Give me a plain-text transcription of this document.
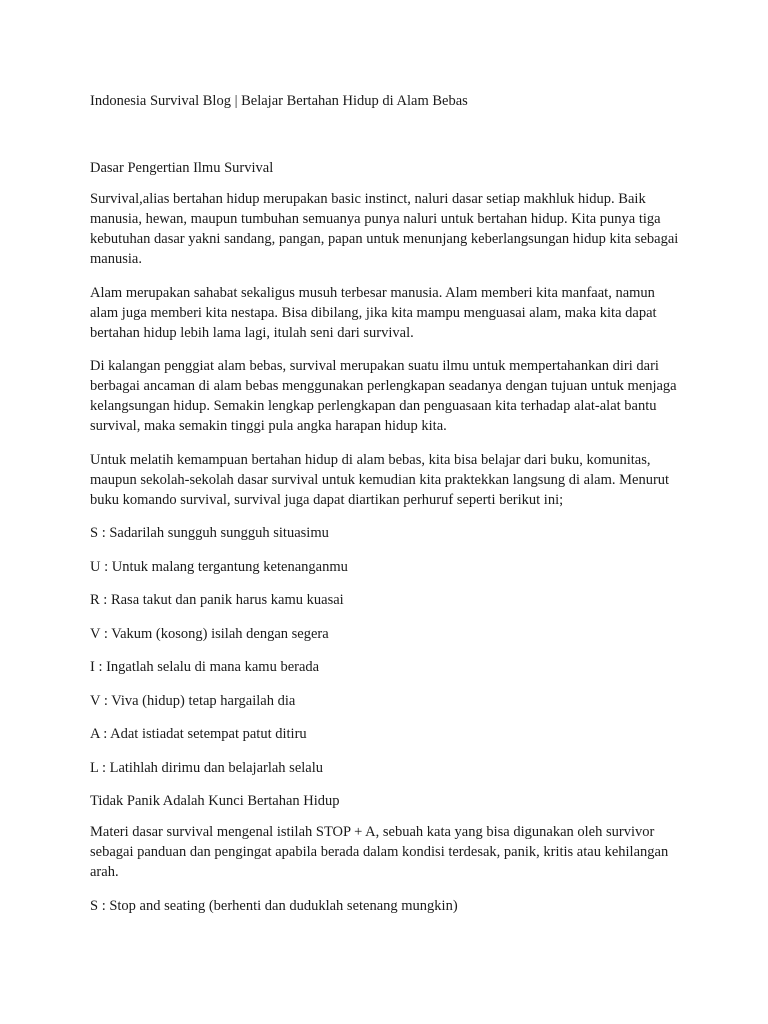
Indonesia Survival Blog | Belajar Bertahan Hidup di Alam Bebas

Dasar Pengertian Ilmu Survival

Survival,alias bertahan hidup merupakan basic instinct, naluri dasar setiap makhluk hidup. Baik manusia, hewan, maupun tumbuhan semuanya punya naluri untuk bertahan hidup. Kita punya tiga kebutuhan dasar yakni sandang, pangan, papan untuk menunjang keberlangsungan hidup kita sebagai manusia.

Alam merupakan sahabat sekaligus musuh terbesar manusia. Alam memberi kita manfaat, namun alam juga memberi kita nestapa. Bisa dibilang, jika kita mampu menguasai alam, maka kita dapat bertahan hidup lebih lama lagi, itulah seni dari survival.

Di kalangan penggiat alam bebas, survival merupakan suatu ilmu untuk mempertahankan diri dari berbagai ancaman di alam bebas menggunakan perlengkapan seadanya dengan tujuan untuk menjaga kelangsungan hidup. Semakin lengkap perlengkapan dan penguasaan kita terhadap alat-alat bantu survival, maka semakin tinggi pula angka harapan hidup kita.

Untuk melatih kemampuan bertahan hidup di alam bebas, kita bisa belajar dari buku, komunitas, maupun sekolah-sekolah dasar survival untuk kemudian kita praktekkan langsung di alam. Menurut buku komando survival, survival juga dapat diartikan perhuruf seperti berikut ini;

S : Sadarilah sungguh sungguh situasimu

U : Untuk malang tergantung ketenanganmu

R : Rasa takut dan panik harus kamu kuasai

V : Vakum (kosong) isilah dengan segera

I : Ingatlah selalu di mana kamu berada

V : Viva (hidup) tetap hargailah dia

A : Adat istiadat setempat patut ditiru

L : Latihlah dirimu dan belajarlah selalu

Tidak Panik Adalah Kunci Bertahan Hidup

Materi dasar survival mengenal istilah STOP + A, sebuah kata yang bisa digunakan oleh survivor sebagai panduan dan pengingat apabila berada dalam kondisi terdesak, panik, kritis atau kehilangan arah.

S : Stop and seating (berhenti dan duduklah setenang mungkin)
